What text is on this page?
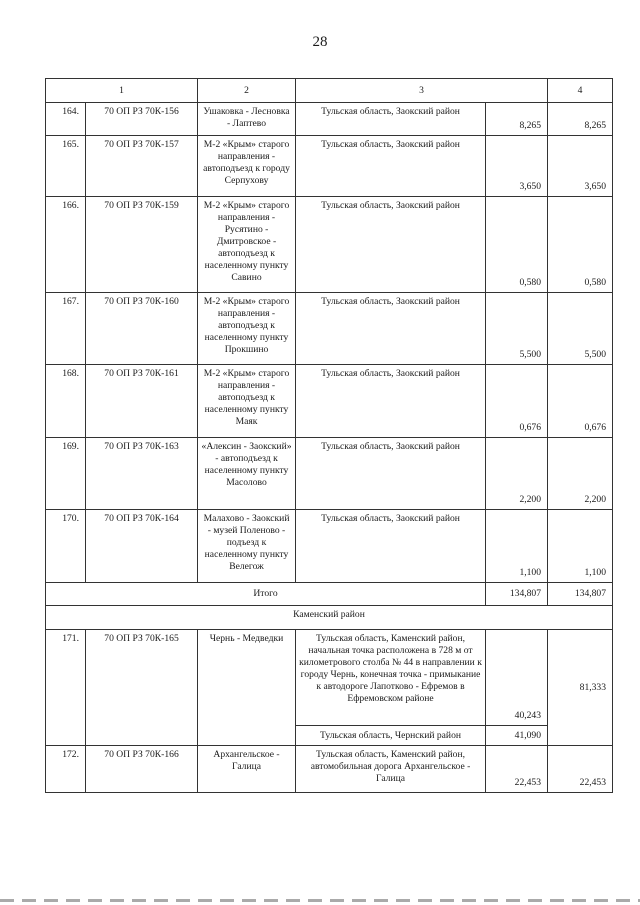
28
1		2	3		4
164.	70 ОП РЗ 70К-156	Ушаковка - Лесновка - Лаптево	Тульская область, Заокский район	8,265	8,265
165.	70 ОП РЗ 70К-157	М-2 «Крым» старого направления - автоподъезд к городу Серпухову	Тульская область, Заокский район	3,650	3,650
166.	70 ОП РЗ 70К-159	М-2 «Крым» старого направления - Русятино - Дмитровское - автоподъезд к населенному пункту Савино	Тульская область, Заокский район	0,580	0,580
167.	70 ОП РЗ 70К-160	М-2 «Крым» старого направления - автоподъезд к населенному пункту Прокшино	Тульская область, Заокский район	5,500	5,500
168.	70 ОП РЗ 70К-161	М-2 «Крым» старого направления - автоподъезд к населенному пункту Маяк	Тульская область, Заокский район	0,676	0,676
169.	70 ОП РЗ 70К-163	«Алексин - Заокский» - автоподъезд к населенному пункту Масолово	Тульская область, Заокский район	2,200	2,200
170.	70 ОП РЗ 70К-164	Малахово - Заокский - музей Поленово - подъезд к населенному пункту Велегож	Тульская область, Заокский район	1,100	1,100
Итого				134,807	134,807
Каменский район					
171.	70 ОП РЗ 70К-165	Чернь - Медведки	Тульская область, Каменский район, начальная точка расположена в 728 м от километрового столба № 44 в направлении к городу Чернь, конечная точка - примыкание к автодороге Лапотково - Ефремов в Ефремовском районе	40,243	81,333
			Тульская область, Чернский район	41,090	
172.	70 ОП РЗ 70К-166	Архангельское - Галица	Тульская область, Каменский район, автомобильная дорога Архангельское - Галица	22,453	22,453
